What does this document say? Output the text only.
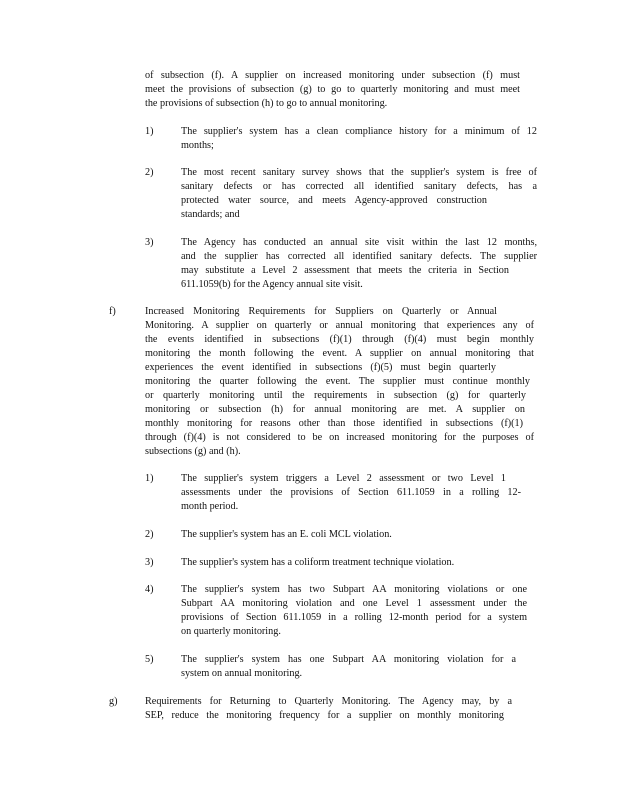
of subsection (f). A supplier on increased monitoring under subsection (f) must
meet the provisions of subsection (g) to go to quarterly monitoring and must meet
the provisions of subsection (h) to go to annual monitoring.
1)	The supplier's system has a clean compliance history for a minimum of 12
months;
2)	The most recent sanitary survey shows that the supplier's system is free of
sanitary defects or has corrected all identified sanitary defects, has a
protected water source, and meets Agency-approved construction
standards; and
3)	The Agency has conducted an annual site visit within the last 12 months,
and the supplier has corrected all identified sanitary defects. The supplier
may substitute a Level 2 assessment that meets the criteria in Section
611.1059(b) for the Agency annual site visit.
f)	Increased Monitoring Requirements for Suppliers on Quarterly or Annual
Monitoring. A supplier on quarterly or annual monitoring that experiences any of
the events identified in subsections (f)(1) through (f)(4) must begin monthly
monitoring the month following the event. A supplier on annual monitoring that
experiences the event identified in subsections (f)(5) must begin quarterly
monitoring the quarter following the event. The supplier must continue monthly
or quarterly monitoring until the requirements in subsection (g) for quarterly
monitoring or subsection (h) for annual monitoring are met. A supplier on
monthly monitoring for reasons other than those identified in subsections (f)(1)
through (f)(4) is not considered to be on increased monitoring for the purposes of
subsections (g) and (h).
1)	The supplier's system triggers a Level 2 assessment or two Level 1
assessments under the provisions of Section 611.1059 in a rolling 12-
month period.
2)	The supplier's system has an E. coli MCL violation.
3)	The supplier's system has a coliform treatment technique violation.
4)	The supplier's system has two Subpart AA monitoring violations or one
Subpart AA monitoring violation and one Level 1 assessment under the
provisions of Section 611.1059 in a rolling 12-month period for a system
on quarterly monitoring.
5)	The supplier's system has one Subpart AA monitoring violation for a
system on annual monitoring.
g)	Requirements for Returning to Quarterly Monitoring. The Agency may, by a
SEP, reduce the monitoring frequency for a supplier on monthly monitoring
